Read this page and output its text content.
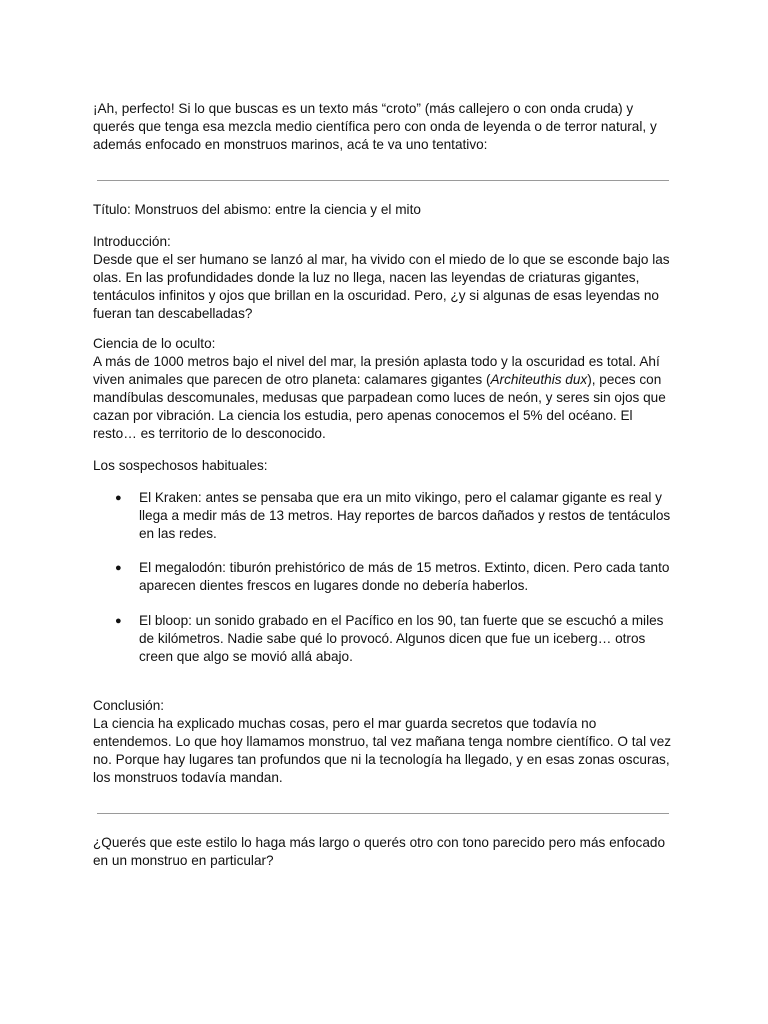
¡Ah, perfecto! Si lo que buscas es un texto más “croto” (más callejero o con onda cruda) y querés que tenga esa mezcla medio científica pero con onda de leyenda o de terror natural, y además enfocado en monstruos marinos, acá te va uno tentativo:

Título: Monstruos del abismo: entre la ciencia y el mito

Introducción:
Desde que el ser humano se lanzó al mar, ha vivido con el miedo de lo que se esconde bajo las olas. En las profundidades donde la luz no llega, nacen las leyendas de criaturas gigantes, tentáculos infinitos y ojos que brillan en la oscuridad. Pero, ¿y si algunas de esas leyendas no fueran tan descabelladas?
Ciencia de lo oculto:
A más de 1000 metros bajo el nivel del mar, la presión aplasta todo y la oscuridad es total. Ahí viven animales que parecen de otro planeta: calamares gigantes (Architeuthis dux), peces con mandíbulas descomunales, medusas que parpadean como luces de neón, y seres sin ojos que cazan por vibración. La ciencia los estudia, pero apenas conocemos el 5% del océano. El resto… es territorio de lo desconocido.

Los sospechosos habituales:

● El Kraken: antes se pensaba que era un mito vikingo, pero el calamar gigante es real y llega a medir más de 13 metros. Hay reportes de barcos dañados y restos de tentáculos en las redes.
● El megalodón: tiburón prehistórico de más de 15 metros. Extinto, dicen. Pero cada tanto aparecen dientes frescos en lugares donde no debería haberlos.
● El bloop: un sonido grabado en el Pacífico en los 90, tan fuerte que se escuchó a miles de kilómetros. Nadie sabe qué lo provocó. Algunos dicen que fue un iceberg… otros creen que algo se movió allá abajo.
Conclusión:
La ciencia ha explicado muchas cosas, pero el mar guarda secretos que todavía no entendemos. Lo que hoy llamamos monstruo, tal vez mañana tenga nombre científico. O tal vez no. Porque hay lugares tan profundos que ni la tecnología ha llegado, y en esas zonas oscuras, los monstruos todavía mandan.

¿Querés que este estilo lo haga más largo o querés otro con tono parecido pero más enfocado en un monstruo en particular?
